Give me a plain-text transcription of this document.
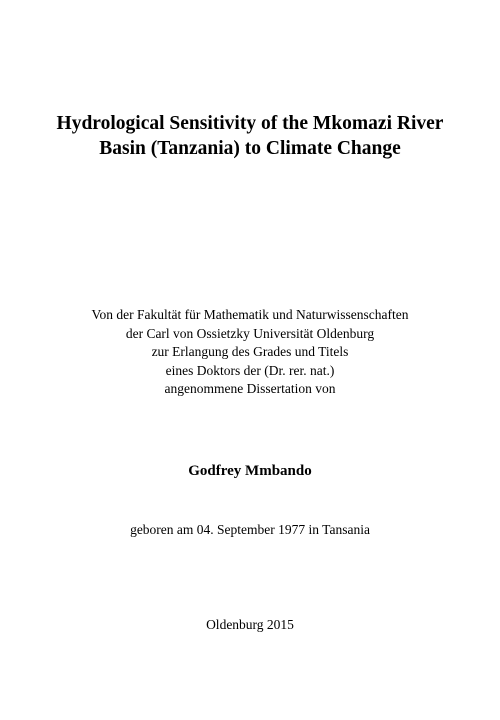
Hydrological Sensitivity of the Mkomazi River
Basin (Tanzania) to Climate Change
Von der Fakultät für Mathematik und Naturwissenschaften
der Carl von Ossietzky Universität Oldenburg
zur Erlangung des Grades und Titels
eines Doktors der (Dr. rer. nat.)
angenommene Dissertation von
Godfrey Mmbando
geboren am 04. September 1977 in Tansania
Oldenburg 2015
